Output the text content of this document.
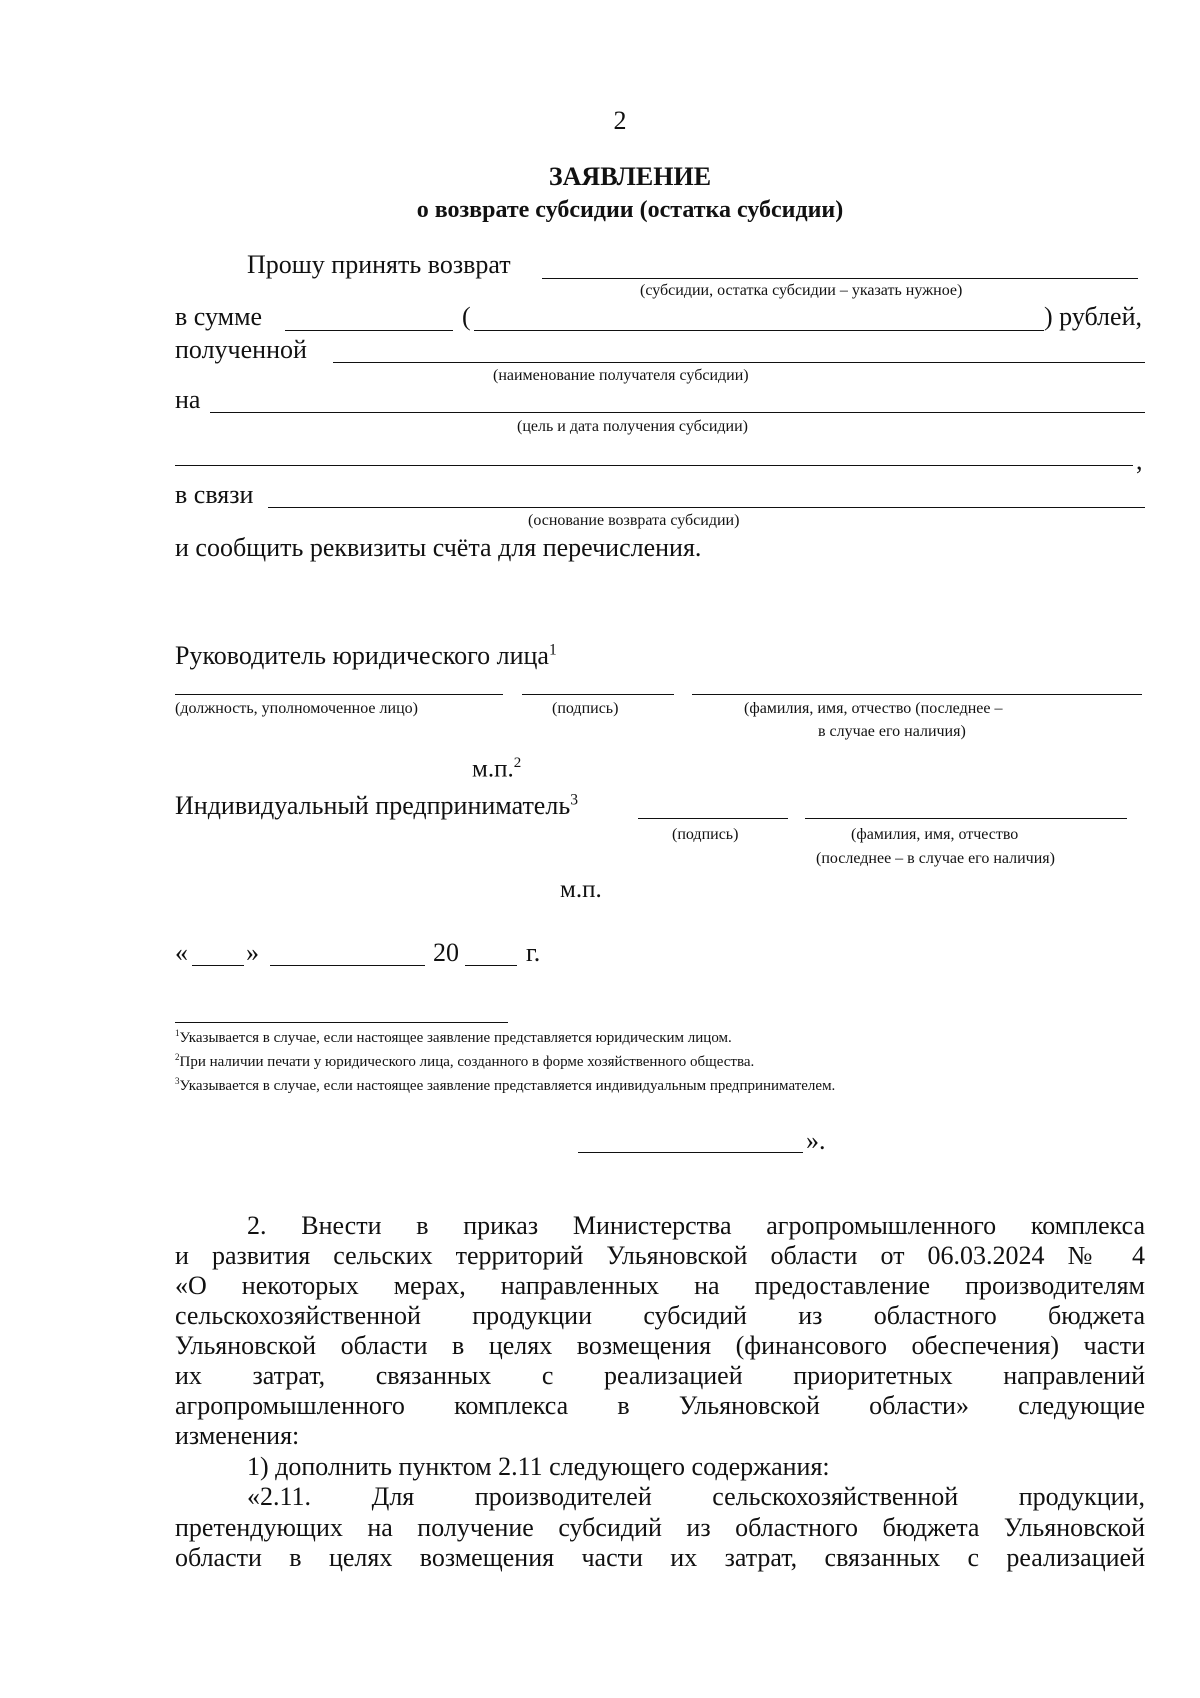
2
ЗАЯВЛЕНИЕ
о возврате субсидии (остатка субсидии)
Прошу принять возврат
(субсидии, остатка субсидии – указать нужное)
в сумме	(	) рублей,
полученной
(наименование получателя субсидии)
на
(цель и дата получения субсидии)
,
в связи
(основание возврата субсидии)
и сообщить реквизиты счёта для перечисления.
Руководитель юридического лица$^1$
(должность, уполномоченное лицо)	(подпись)	(фамилия, имя, отчество (последнее –
в случае его наличия)
м.п.$^2$
Индивидуальный предприниматель$^3$
(подпись)	(фамилия, имя, отчество
(последнее – в случае его наличия)
м.п.
« »	20	г.
$^1$Указывается в случае, если настоящее заявление представляется юридическим лицом.
$^2$При наличии печати у юридического лица, созданного в форме хозяйственного общества.
$^3$Указывается в случае, если настоящее заявление представляется индивидуальным предпринимателем.
».
2. Внести в приказ Министерства агропромышленного комплекса
и развития сельских территорий Ульяновской области от 06.03.2024 № 4
«О некоторых мерах, направленных на предоставление производителям
сельскохозяйственной продукции субсидий из областного бюджета
Ульяновской области в целях возмещения (финансового обеспечения) части
их затрат, связанных с реализацией приоритетных направлений
агропромышленного комплекса в Ульяновской области» следующие
изменения:
1) дополнить пунктом 2.11 следующего содержания:
«2.11. Для производителей сельскохозяйственной продукции,
претендующих на получение субсидий из областного бюджета Ульяновской
области в целях возмещения части их затрат, связанных с реализацией
